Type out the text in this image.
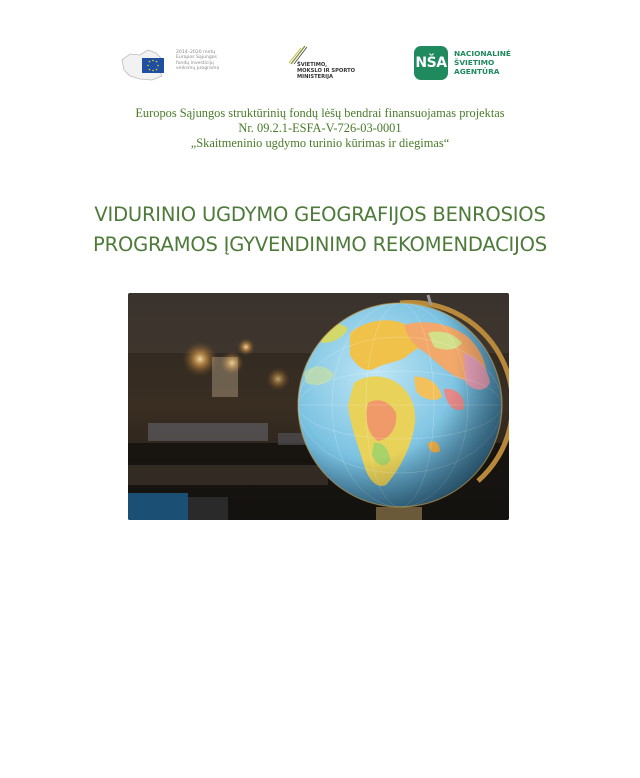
2014–2020 metų
Europos Sąjungos
fondų investicijų
veiksmų programa
ŠVIETIMO,
MOKSLO IR SPORTO
MINISTERIJA
NŠA
NACIONALINĖ
ŠVIETIMO
AGENTŪRA
Europos Sąjungos struktūrinių fondų lėšų bendrai finansuojamas projektas
Nr. 09.2.1-ESFA-V-726-03-0001
„Skaitmeninio ugdymo turinio kūrimas ir diegimas“
VIDURINIO UGDYMO GEOGRAFIJOS BENROSIOS
PROGRAMOS ĮGYVENDINIMO REKOMENDACIJOS
